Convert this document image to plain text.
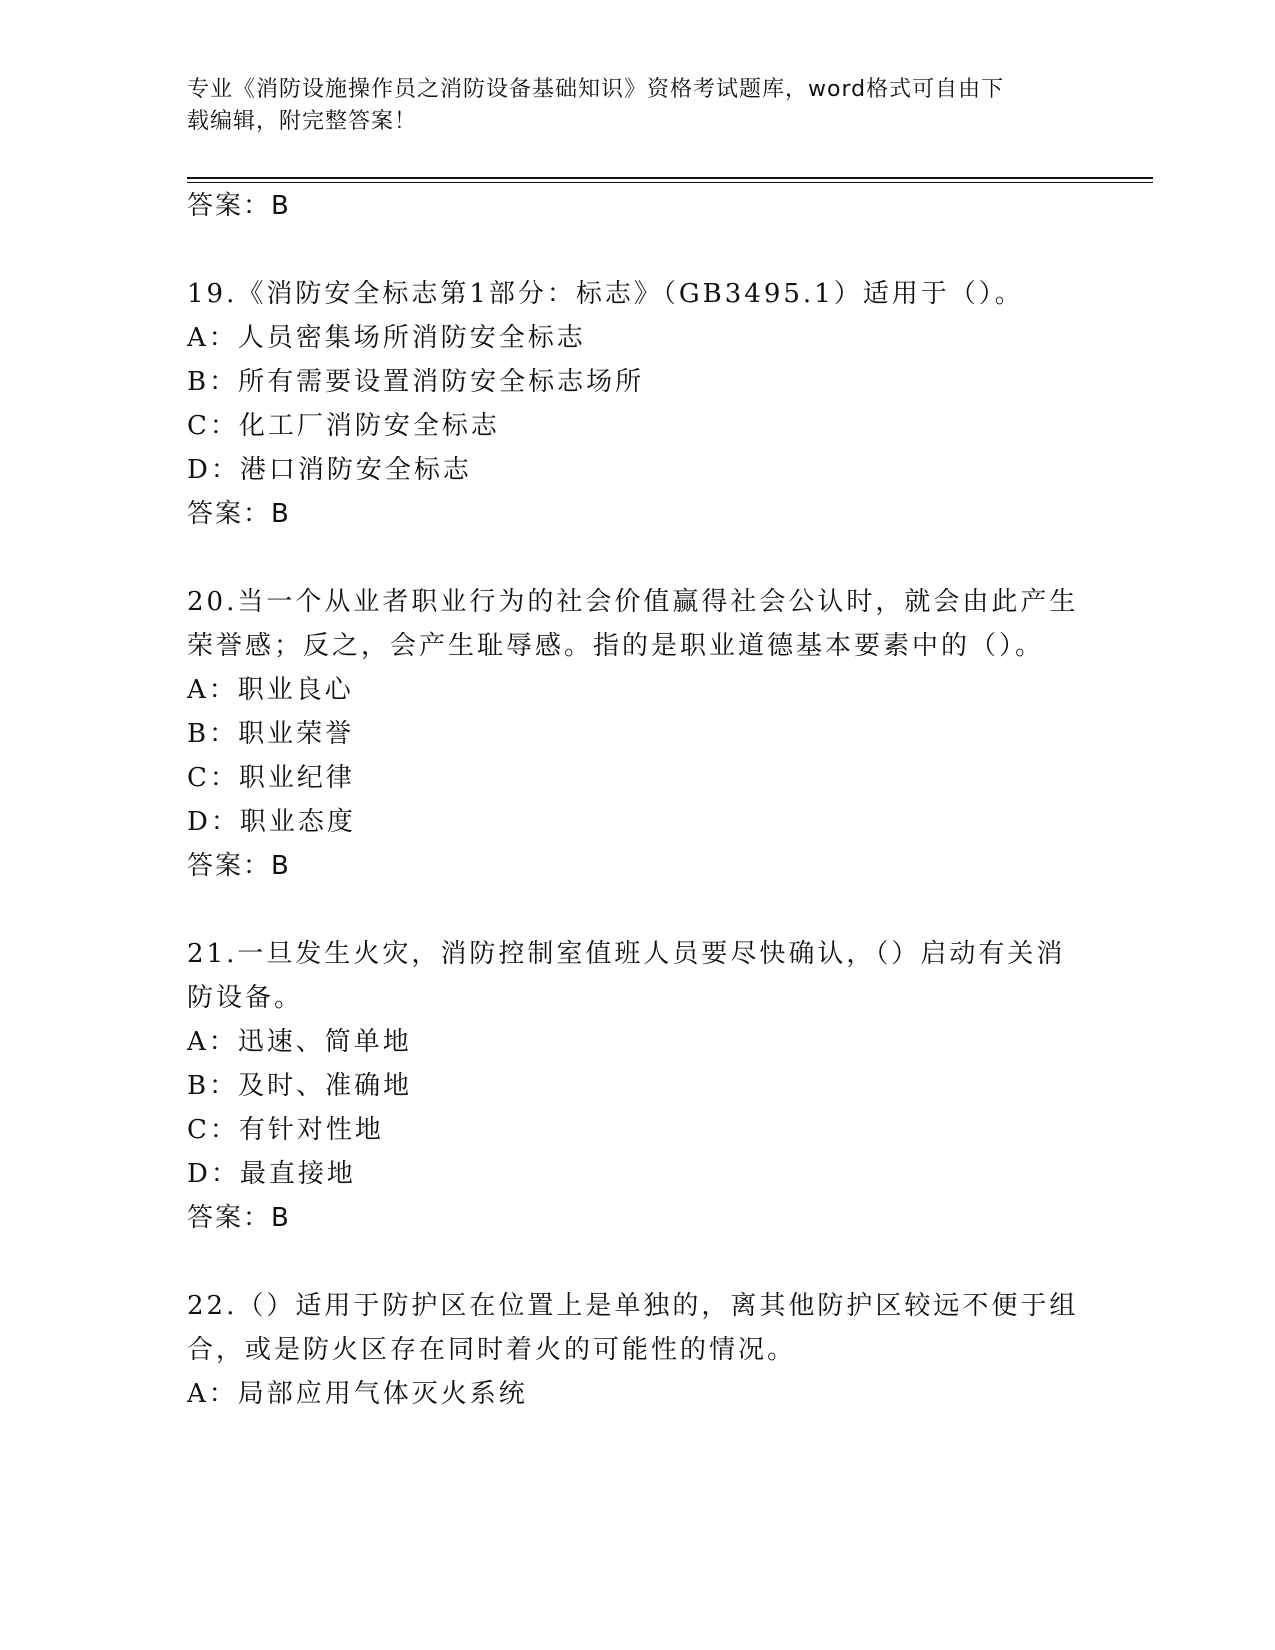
专业《消防设施操作员之消防设备基础知识》资格考试题库，word格式可自由下
载编辑，附完整答案！
答案：B
19.《消防安全标志第1部分：标志》（GB3495.1）适用于（）。
A：人员密集场所消防安全标志
B：所有需要设置消防安全标志场所
C：化工厂消防安全标志
D：港口消防安全标志
答案：B
20.当一个从业者职业行为的社会价值赢得社会公认时，就会由此产生
荣誉感；反之，会产生耻辱感。指的是职业道德基本要素中的（）。
A：职业良心
B：职业荣誉
C：职业纪律
D：职业态度
答案：B
21.一旦发生火灾，消防控制室值班人员要尽快确认，（）启动有关消
防设备。
A：迅速、简单地
B：及时、准确地
C：有针对性地
D：最直接地
答案：B
22.（）适用于防护区在位置上是单独的，离其他防护区较远不便于组
合，或是防火区存在同时着火的可能性的情况。
A：局部应用气体灭火系统
